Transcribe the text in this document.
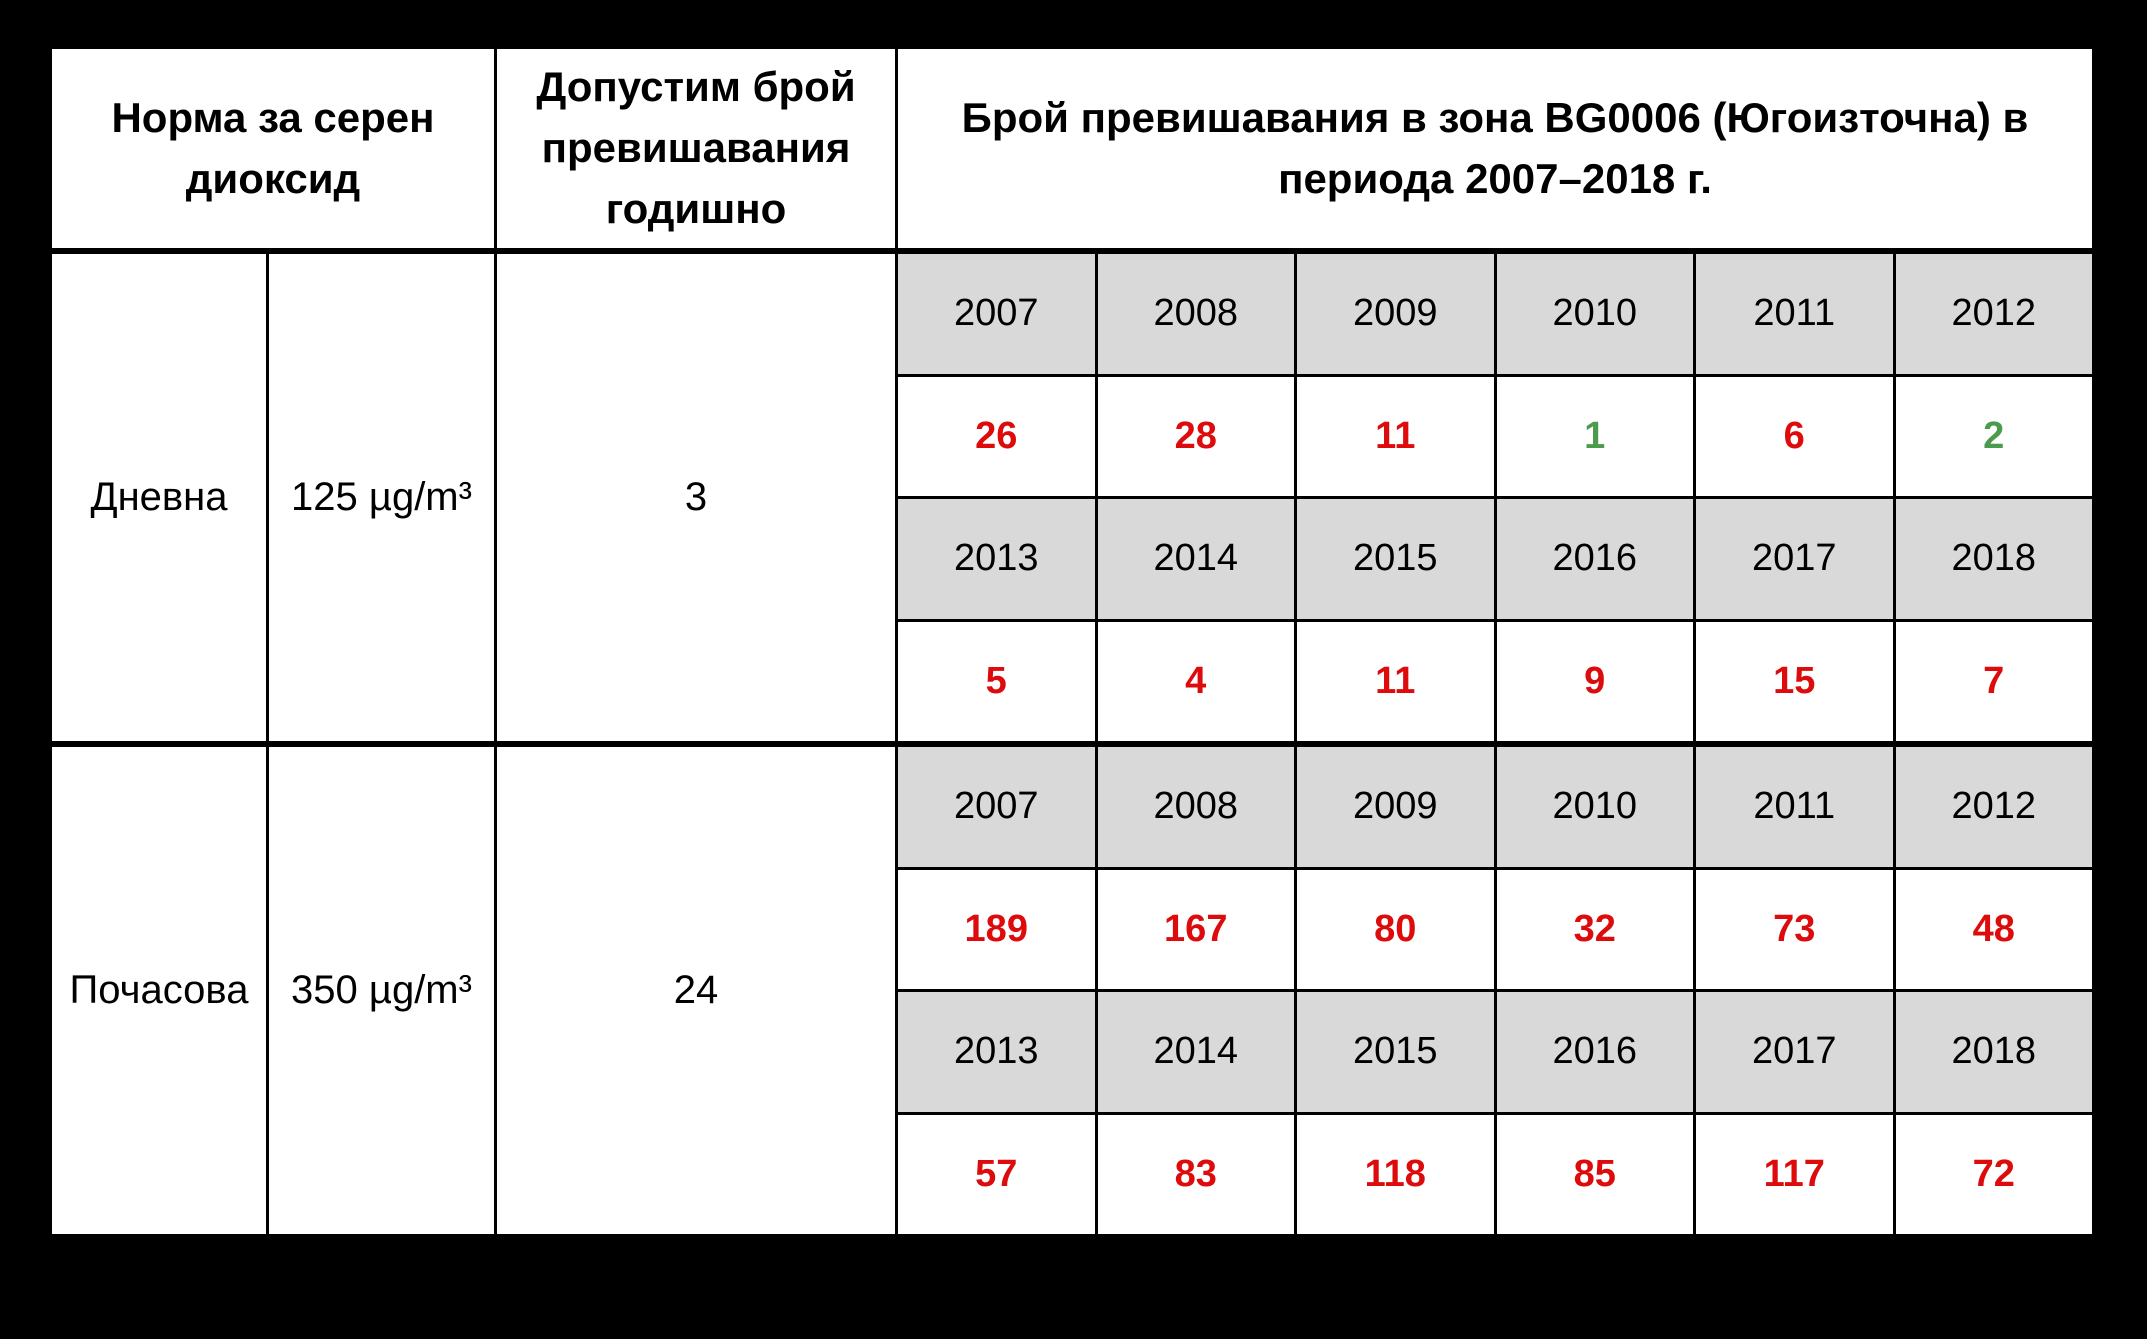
Норма за серен диоксид
Допустим брой превишавания годишно
Брой превишавания в зона BG0006 (Югоизточна) в периода 2007–2018 г.
Дневна	125 µg/m³	3
2007	2008	2009	2010	2011	2012
26	28	11	1	6	2
2013	2014	2015	2016	2017	2018
5	4	11	9	15	7
Почасова	350 µg/m³	24
2007	2008	2009	2010	2011	2012
189	167	80	32	73	48
2013	2014	2015	2016	2017	2018
57	83	118	85	117	72
